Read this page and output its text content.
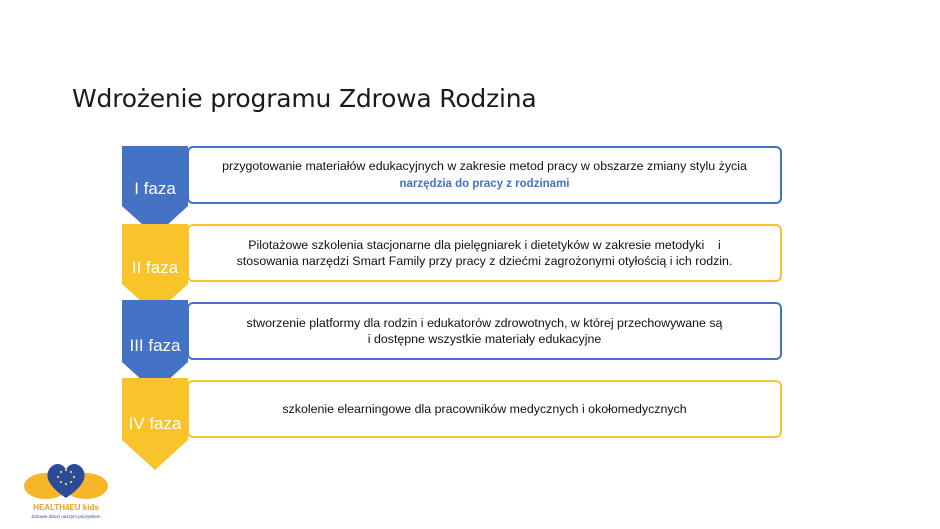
Wdrożenie programu Zdrowa Rodzina
I faza
II faza
III faza
IV faza
przygotowanie materiałów edukacyjnych w zakresie metod pracy w obszarze zmiany stylu życia
narzędzia do pracy z rodzinami
Pilotażowe szkolenia stacjonarne dla pielęgniarek i dietetyków w zakresie metodyki    i
stosowania narzędzi Smart Family przy pracy z dziećmi zagrożonymi otyłością i ich rodzin.
stworzenie platformy dla rodzin i edukatorów zdrowotnych, w której przechowywane są
i dostępne wszystkie materiały edukacyjne
szkolenie elearningowe dla pracowników medycznych i okołomedycznych
HEALTH4EU kids
Zdrowie dzieci naszym priorytetem
